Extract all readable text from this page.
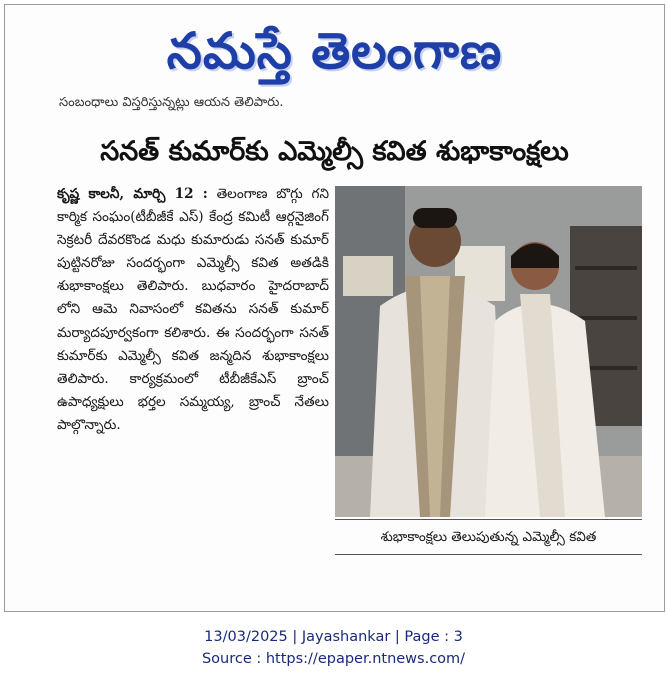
నమస్తే తెలంగాణ
సంబంధాలు విస్తరిస్తున్నట్లు ఆయన తెలిపారు.
సనత్ కుమార్‌కు ఎమ్మెల్సీ కవిత శుభాకాంక్షలు
కృష్ణ కాలనీ, మార్చి 12 : తెలంగాణ బొగ్గు గని కార్మిక సంఘం(టీబీజీకే ఎస్) కేంద్ర కమిటీ ఆర్గనైజింగ్ సెక్రటరీ దేవరకొండ మధు కుమారుడు సనత్ కుమార్ పుట్టినరోజు సందర్భంగా ఎమ్మెల్సీ కవిత అతడికి శుభాకాంక్షలు తెలిపారు. బుధవారం హైదరాబాద్ లోని ఆమె నివాసంలో కవితను సనత్ కుమార్ మర్యాదపూర్వకంగా కలిశారు. ఈ సందర్భంగా సనత్ కుమార్‌కు ఎమ్మెల్సీ కవిత జన్మదిన శుభాకాంక్షలు తెలిపారు. కార్యక్రమంలో టీబీజీకేఎస్ బ్రాంచ్ ఉపాధ్యక్షులు భర్తల సమ్మయ్య, బ్రాంచ్ నేతలు పాల్గొన్నారు.
శుభాకాంక్షలు తెలుపుతున్న ఎమ్మెల్సీ కవిత
13/03/2025 | Jayashankar | Page : 3
Source : https://epaper.ntnews.com/
